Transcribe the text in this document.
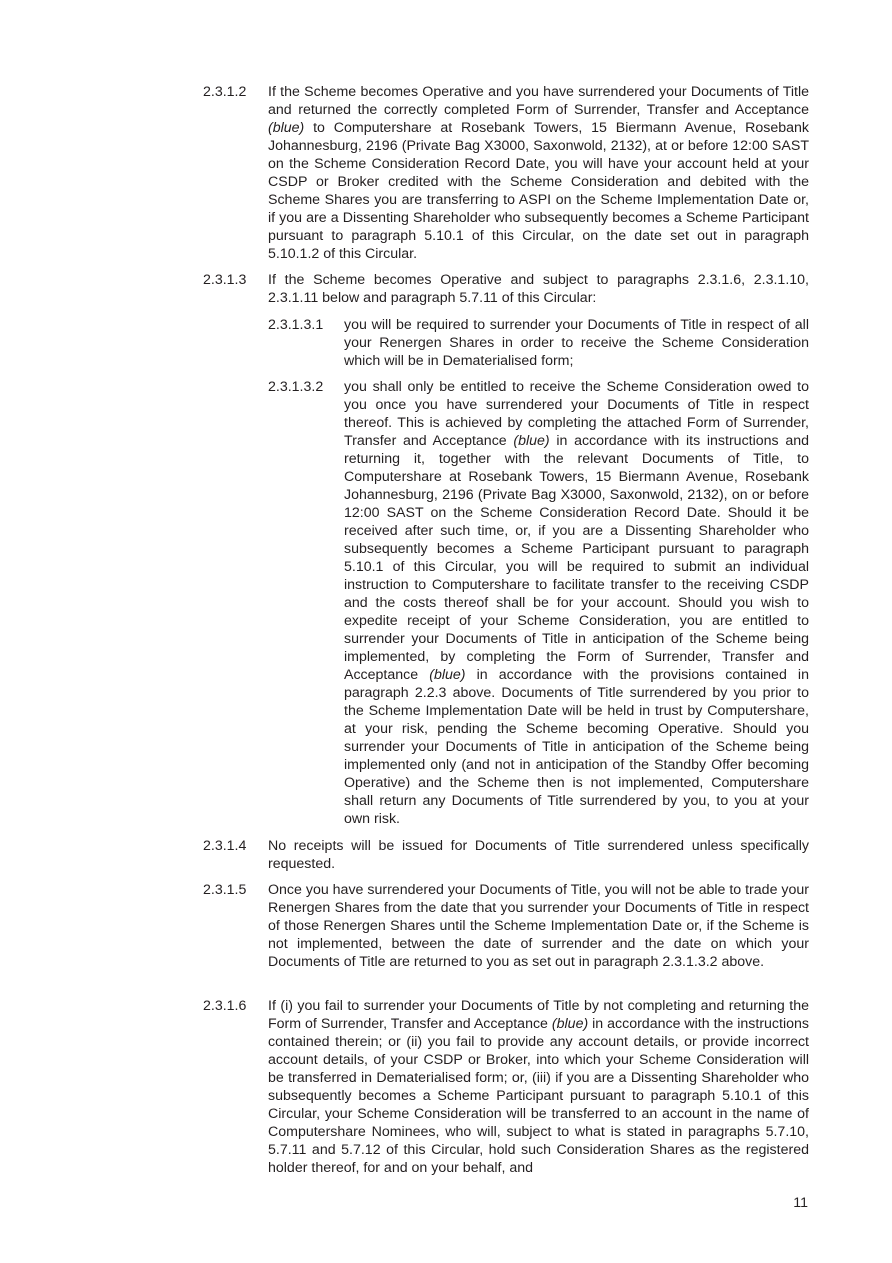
2.3.1.2 If the Scheme becomes Operative and you have surrendered your Documents of Title and returned the correctly completed Form of Surrender, Transfer and Acceptance (blue) to Computershare at Rosebank Towers, 15 Biermann Avenue, Rosebank Johannesburg, 2196 (Private Bag X3000, Saxonwold, 2132), at or before 12:00 SAST on the Scheme Consideration Record Date, you will have your account held at your CSDP or Broker credited with the Scheme Consideration and debited with the Scheme Shares you are transferring to ASPI on the Scheme Implementation Date or, if you are a Dissenting Shareholder who subsequently becomes a Scheme Participant pursuant to paragraph 5.10.1 of this Circular, on the date set out in paragraph 5.10.1.2 of this Circular.
2.3.1.3 If the Scheme becomes Operative and subject to paragraphs 2.3.1.6, 2.3.1.10, 2.3.1.11 below and paragraph 5.7.11 of this Circular:
2.3.1.3.1 you will be required to surrender your Documents of Title in respect of all your Renergen Shares in order to receive the Scheme Consideration which will be in Dematerialised form;
2.3.1.3.2 you shall only be entitled to receive the Scheme Consideration owed to you once you have surrendered your Documents of Title in respect thereof. This is achieved by completing the attached Form of Surrender, Transfer and Acceptance (blue) in accordance with its instructions and returning it, together with the relevant Documents of Title, to Computershare at Rosebank Towers, 15 Biermann Avenue, Rosebank Johannesburg, 2196 (Private Bag X3000, Saxonwold, 2132), on or before 12:00 SAST on the Scheme Consideration Record Date. Should it be received after such time, or, if you are a Dissenting Shareholder who subsequently becomes a Scheme Participant pursuant to paragraph 5.10.1 of this Circular, you will be required to submit an individual instruction to Computershare to facilitate transfer to the receiving CSDP and the costs thereof shall be for your account. Should you wish to expedite receipt of your Scheme Consideration, you are entitled to surrender your Documents of Title in anticipation of the Scheme being implemented, by completing the Form of Surrender, Transfer and Acceptance (blue) in accordance with the provisions contained in paragraph 2.2.3 above. Documents of Title surrendered by you prior to the Scheme Implementation Date will be held in trust by Computershare, at your risk, pending the Scheme becoming Operative. Should you surrender your Documents of Title in anticipation of the Scheme being implemented only (and not in anticipation of the Standby Offer becoming Operative) and the Scheme then is not implemented, Computershare shall return any Documents of Title surrendered by you, to you at your own risk.
2.3.1.4 No receipts will be issued for Documents of Title surrendered unless specifically requested.
2.3.1.5 Once you have surrendered your Documents of Title, you will not be able to trade your Renergen Shares from the date that you surrender your Documents of Title in respect of those Renergen Shares until the Scheme Implementation Date or, if the Scheme is not implemented, between the date of surrender and the date on which your Documents of Title are returned to you as set out in paragraph 2.3.1.3.2 above.
2.3.1.6 If (i) you fail to surrender your Documents of Title by not completing and returning the Form of Surrender, Transfer and Acceptance (blue) in accordance with the instructions contained therein; or (ii) you fail to provide any account details, or provide incorrect account details, of your CSDP or Broker, into which your Scheme Consideration will be transferred in Dematerialised form; or, (iii) if you are a Dissenting Shareholder who subsequently becomes a Scheme Participant pursuant to paragraph 5.10.1 of this Circular, your Scheme Consideration will be transferred to an account in the name of Computershare Nominees, who will, subject to what is stated in paragraphs 5.7.10, 5.7.11 and 5.7.12 of this Circular, hold such Consideration Shares as the registered holder thereof, for and on your behalf, and
11
